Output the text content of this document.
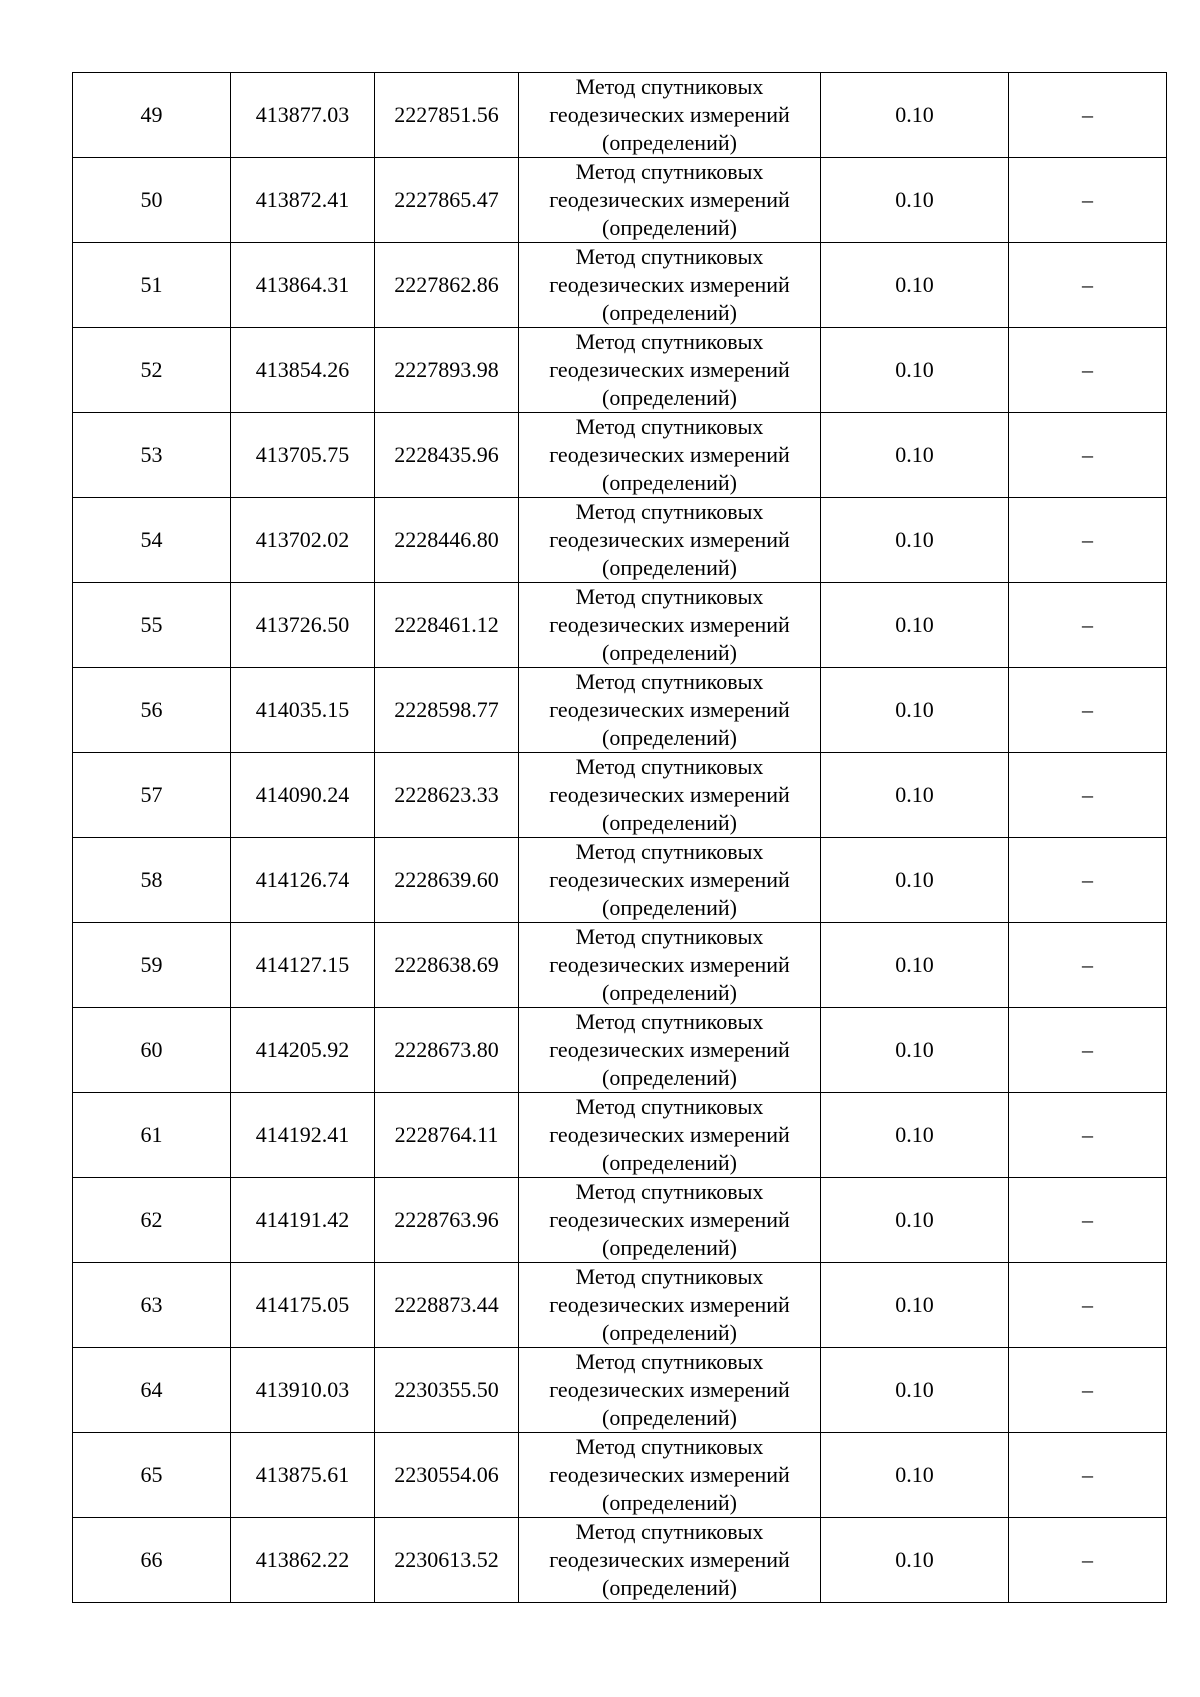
49	413877.03	2227851.56	Метод спутниковых
геодезических измерений
(определений)	0.10	–
50	413872.41	2227865.47	Метод спутниковых
геодезических измерений
(определений)	0.10	–
51	413864.31	2227862.86	Метод спутниковых
геодезических измерений
(определений)	0.10	–
52	413854.26	2227893.98	Метод спутниковых
геодезических измерений
(определений)	0.10	–
53	413705.75	2228435.96	Метод спутниковых
геодезических измерений
(определений)	0.10	–
54	413702.02	2228446.80	Метод спутниковых
геодезических измерений
(определений)	0.10	–
55	413726.50	2228461.12	Метод спутниковых
геодезических измерений
(определений)	0.10	–
56	414035.15	2228598.77	Метод спутниковых
геодезических измерений
(определений)	0.10	–
57	414090.24	2228623.33	Метод спутниковых
геодезических измерений
(определений)	0.10	–
58	414126.74	2228639.60	Метод спутниковых
геодезических измерений
(определений)	0.10	–
59	414127.15	2228638.69	Метод спутниковых
геодезических измерений
(определений)	0.10	–
60	414205.92	2228673.80	Метод спутниковых
геодезических измерений
(определений)	0.10	–
61	414192.41	2228764.11	Метод спутниковых
геодезических измерений
(определений)	0.10	–
62	414191.42	2228763.96	Метод спутниковых
геодезических измерений
(определений)	0.10	–
63	414175.05	2228873.44	Метод спутниковых
геодезических измерений
(определений)	0.10	–
64	413910.03	2230355.50	Метод спутниковых
геодезических измерений
(определений)	0.10	–
65	413875.61	2230554.06	Метод спутниковых
геодезических измерений
(определений)	0.10	–
66	413862.22	2230613.52	Метод спутниковых
геодезических измерений
(определений)	0.10	–
